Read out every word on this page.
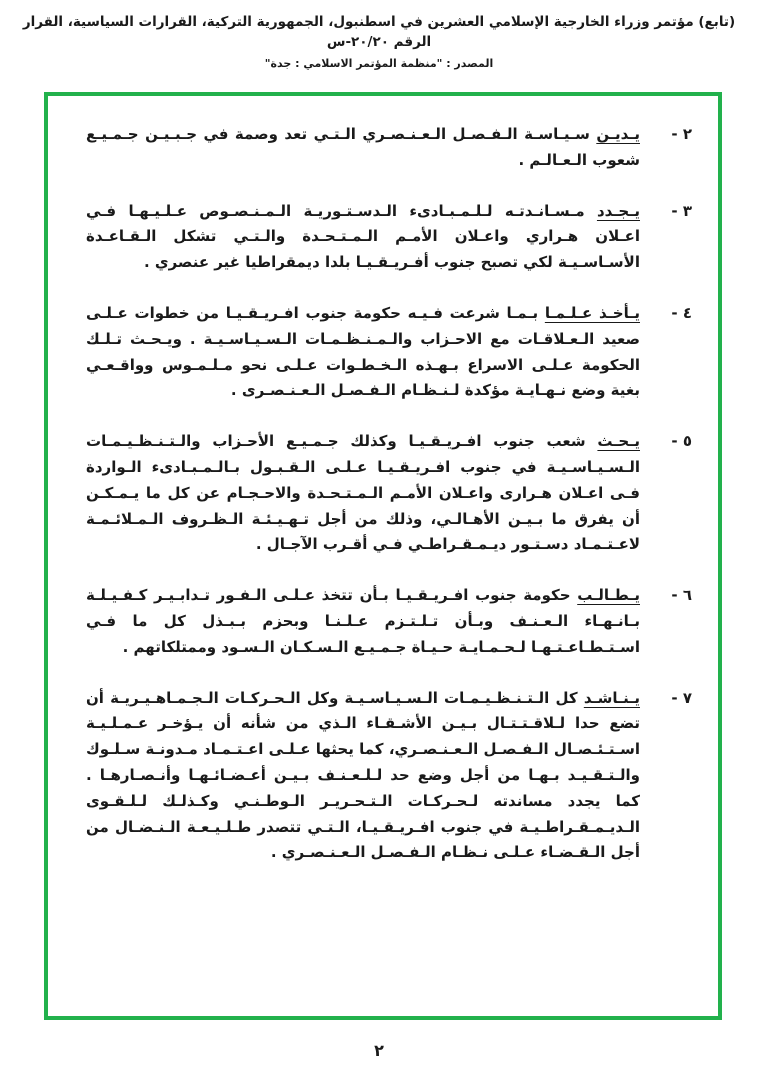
(تابع) مؤتمر وزراء الخارجية الإسلامي العشرين في اسطنبول، الجمهورية التركية، القرارات السياسية، القرار الرقم ٢٠/٢٠-س
المصدر : "منظمة المؤتمر الاسلامي : جدة"
٢ -
يـديـن سـيـاسـة الـفـصـل الـعـنـصـري الـتـي تعد وصمة في جـبـيـن جـمـيـع شعوب الـعـالـم .
٣ -
يـجـدد مـسـانـدتـه لـلـمـبـادىء الـدسـتـوريـة الـمـنـصـوص عـلـيـهـا فـي اعـلان هـراري واعـلان الأمـم الـمـتـحـدة والـتـي تشكل الـقـاعـدة الأسـاسـيـة لكي تصبح جنوب أفـريـقـيـا بلدا ديمقراطيا غير عنصري .
٤ -
يـأخـذ عـلـمـا بـمـا شرعت فـيـه حكومة جنوب افـريـقـيـا من خطوات عـلـى صعيد الـعـلاقـات مع الاحـزاب والـمـنـظـمـات الـسـيـاسـيـة . ويـحـث تـلـك الحكومة عـلـى الاسراع بـهـذه الـخـطـوات عـلـى نحو مـلـمـوس وواقـعـي بغية وضع نـهـايـة مؤكدة لـنـظـام الـفـصـل الـعـنـصـرى .
٥ -
يـحـث شعب جنوب افـريـقـيـا وكذلك جـمـيـع الأحـزاب والـتـنـظـيـمـات الـسـيـاسـيـة في جنوب افـريـقـيـا عـلـى الـقـبـول بـالـمـبـادىء الـواردة فـى اعـلان هـرارى واعـلان الأمـم الـمـتـحـدة والاحـجـام عن كل ما يـمـكـن أن يفرق ما بـيـن الأهـالـي، وذلك من أجل تـهـيـئـة الـظـروف الـمـلائـمـة لاعـتـمـاد دسـتـور ديـمـقـراطـي فـي أقـرب الآجـال .
٦ -
يـطـالـب حكومة جنوب افـريـقـيـا بـأن تتخذ عـلـى الـفـور تـدابـيـر كـفـيـلـة بـانـهـاء الـعـنـف وبـأن تـلـتـزم عـلـنـا وبحزم بـبـذل كل ما فـي اسـتـطـاعـتـهـا لـحـمـايـة حـيـاة جـمـيـع الـسـكـان الـسـود وممتلكاتهم .
٧ -
يـنـاشـد كل الـتـنـظـيـمـات الـسـيـاسـيـة وكل الـحـركـات الـجـمـاهـيـريـة أن تضع حدا لـلاقـتـتـال بـيـن الأشـقـاء الـذي من شأنه أن يـؤخـر عـمـلـيـة اسـتـئـصـال الـفـصـل الـعـنـصـري، كما يحثها عـلـى اعـتـمـاد مـدونـة سـلـوك والـتـقـيـد بـهـا من أجل وضع حد لـلـعـنـف بـيـن أعـضـائـهـا وأنـصـارهـا . كما يجدد مساندته لـحـركـات الـتـحـريـر الـوطـنـي وكـذلـك لـلـقـوى الـديـمـقـراطـيـة في جنوب افـريـقـيـا، الـتـي تتصدر طـلـيـعـة الـنـضـال من أجل الـقـضـاء عـلـى نـظـام الـفـصـل الـعـنـصـري .
٢
